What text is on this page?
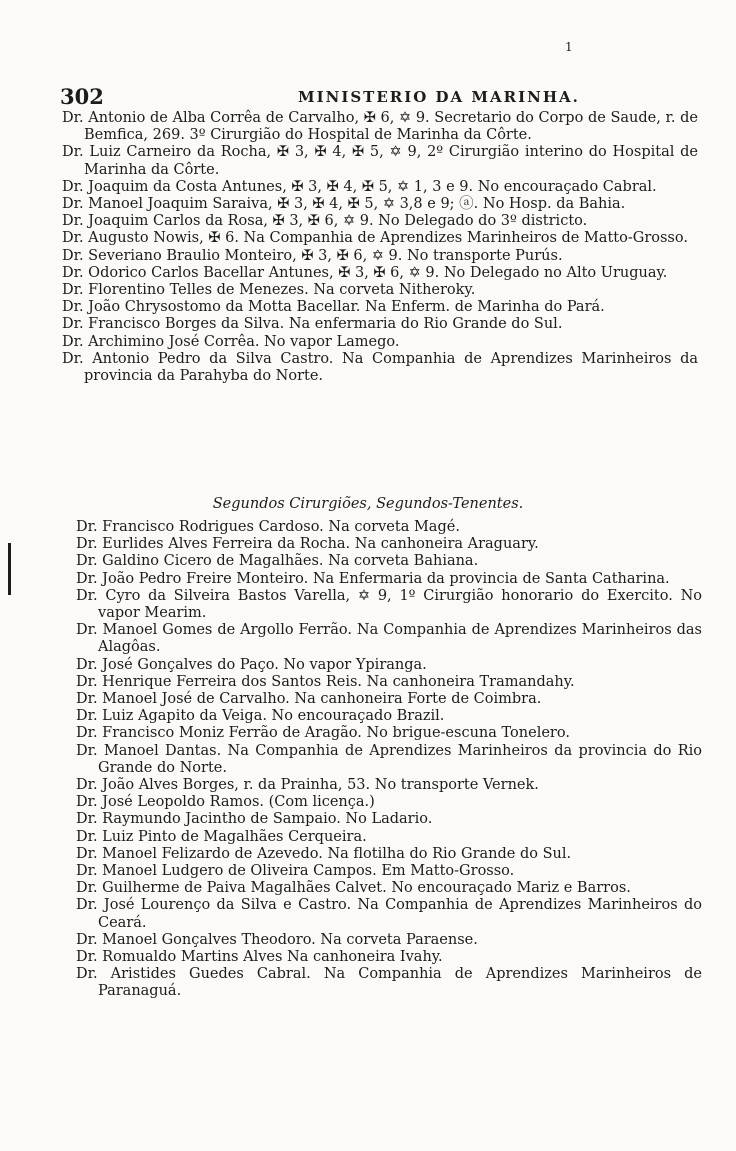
1
302	MINISTERIO DA MARINHA.

Dr. Antonio de Alba Corrêa de Carvalho, ✠ 6, ✡ 9. Secretario do Corpo de Saude, r. de Bemfica, 269. 3º Cirurgião do Hospital de Marinha da Côrte.

Dr. Luiz Carneiro da Rocha, ✠ 3, ✠ 4, ✠ 5, ✡ 9, 2º Cirurgião interino do Hospital de Marinha da Côrte.

Dr. Joaquim da Costa Antunes, ✠ 3, ✠ 4, ✠ 5, ✡ 1, 3 e 9. No encouraçado Cabral.

Dr. Manoel Joaquim Saraiva, ✠ 3, ✠ 4, ✠ 5, ✡ 3,8 e 9; ⓐ. No Hosp. da Bahia.

Dr. Joaquim Carlos da Rosa, ✠ 3, ✠ 6, ✡ 9. No Delegado do 3º districto.

Dr. Augusto Nowis, ✠ 6. Na Companhia de Aprendizes Marinheiros de Matto-Grosso.

Dr. Severiano Braulio Monteiro, ✠ 3, ✠ 6, ✡ 9. No transporte Purús.

Dr. Odorico Carlos Bacellar Antunes, ✠ 3, ✠ 6, ✡ 9. No Delegado no Alto Uruguay.

Dr. Florentino Telles de Menezes. Na corveta Nitheroky.

Dr. João Chrysostomo da Motta Bacellar. Na Enferm. de Marinha do Pará.

Dr. Francisco Borges da Silva. Na enfermaria do Rio Grande do Sul.

Dr. Archimino José Corrêa. No vapor Lamego.

Dr. Antonio Pedro da Silva Castro. Na Companhia de Aprendizes Marinheiros da provincia da Parahyba do Norte.

Segundos Cirurgiões, Segundos-Tenentes.

Dr. Francisco Rodrigues Cardoso. Na corveta Magé.

Dr. Eurlides Alves Ferreira da Rocha. Na canhoneira Araguary.

Dr. Galdino Cicero de Magalhães. Na corveta Bahiana.

Dr. João Pedro Freire Monteiro. Na Enfermaria da provincia de Santa Catharina.

Dr. Cyro da Silveira Bastos Varella, ✡ 9, 1º Cirurgião honorario do Exercito. No vapor Mearim.

Dr. Manoel Gomes de Argollo Ferrão. Na Companhia de Aprendizes Marinheiros das Alagôas.

Dr. José Gonçalves do Paço. No vapor Ypiranga.

Dr. Henrique Ferreira dos Santos Reis. Na canhoneira Tramandahy.

Dr. Manoel José de Carvalho. Na canhoneira Forte de Coimbra.

Dr. Luiz Agapito da Veiga. No encouraçado Brazil.

Dr. Francisco Moniz Ferrão de Aragão. No brigue-escuna Tonelero.

Dr. Manoel Dantas. Na Companhia de Aprendizes Marinheiros da provincia do Rio Grande do Norte.

Dr. João Alves Borges, r. da Prainha, 53. No transporte Vernek.

Dr. José Leopoldo Ramos. (Com licença.)

Dr. Raymundo Jacintho de Sampaio. No Ladario.

Dr. Luiz Pinto de Magalhães Cerqueira.

Dr. Manoel Felizardo de Azevedo. Na flotilha do Rio Grande do Sul.

Dr. Manoel Ludgero de Oliveira Campos. Em Matto-Grosso.

Dr. Guilherme de Paiva Magalhães Calvet. No encouraçado Mariz e Barros.

Dr. José Lourenço da Silva e Castro. Na Companhia de Aprendizes Marinheiros do Ceará.

Dr. Manoel Gonçalves Theodoro. Na corveta Paraense.

Dr. Romualdo Martins Alves Na canhoneira Ivahy.

Dr. Aristides Guedes Cabral. Na Companhia de Aprendizes Marinheiros de Paranaguá.
